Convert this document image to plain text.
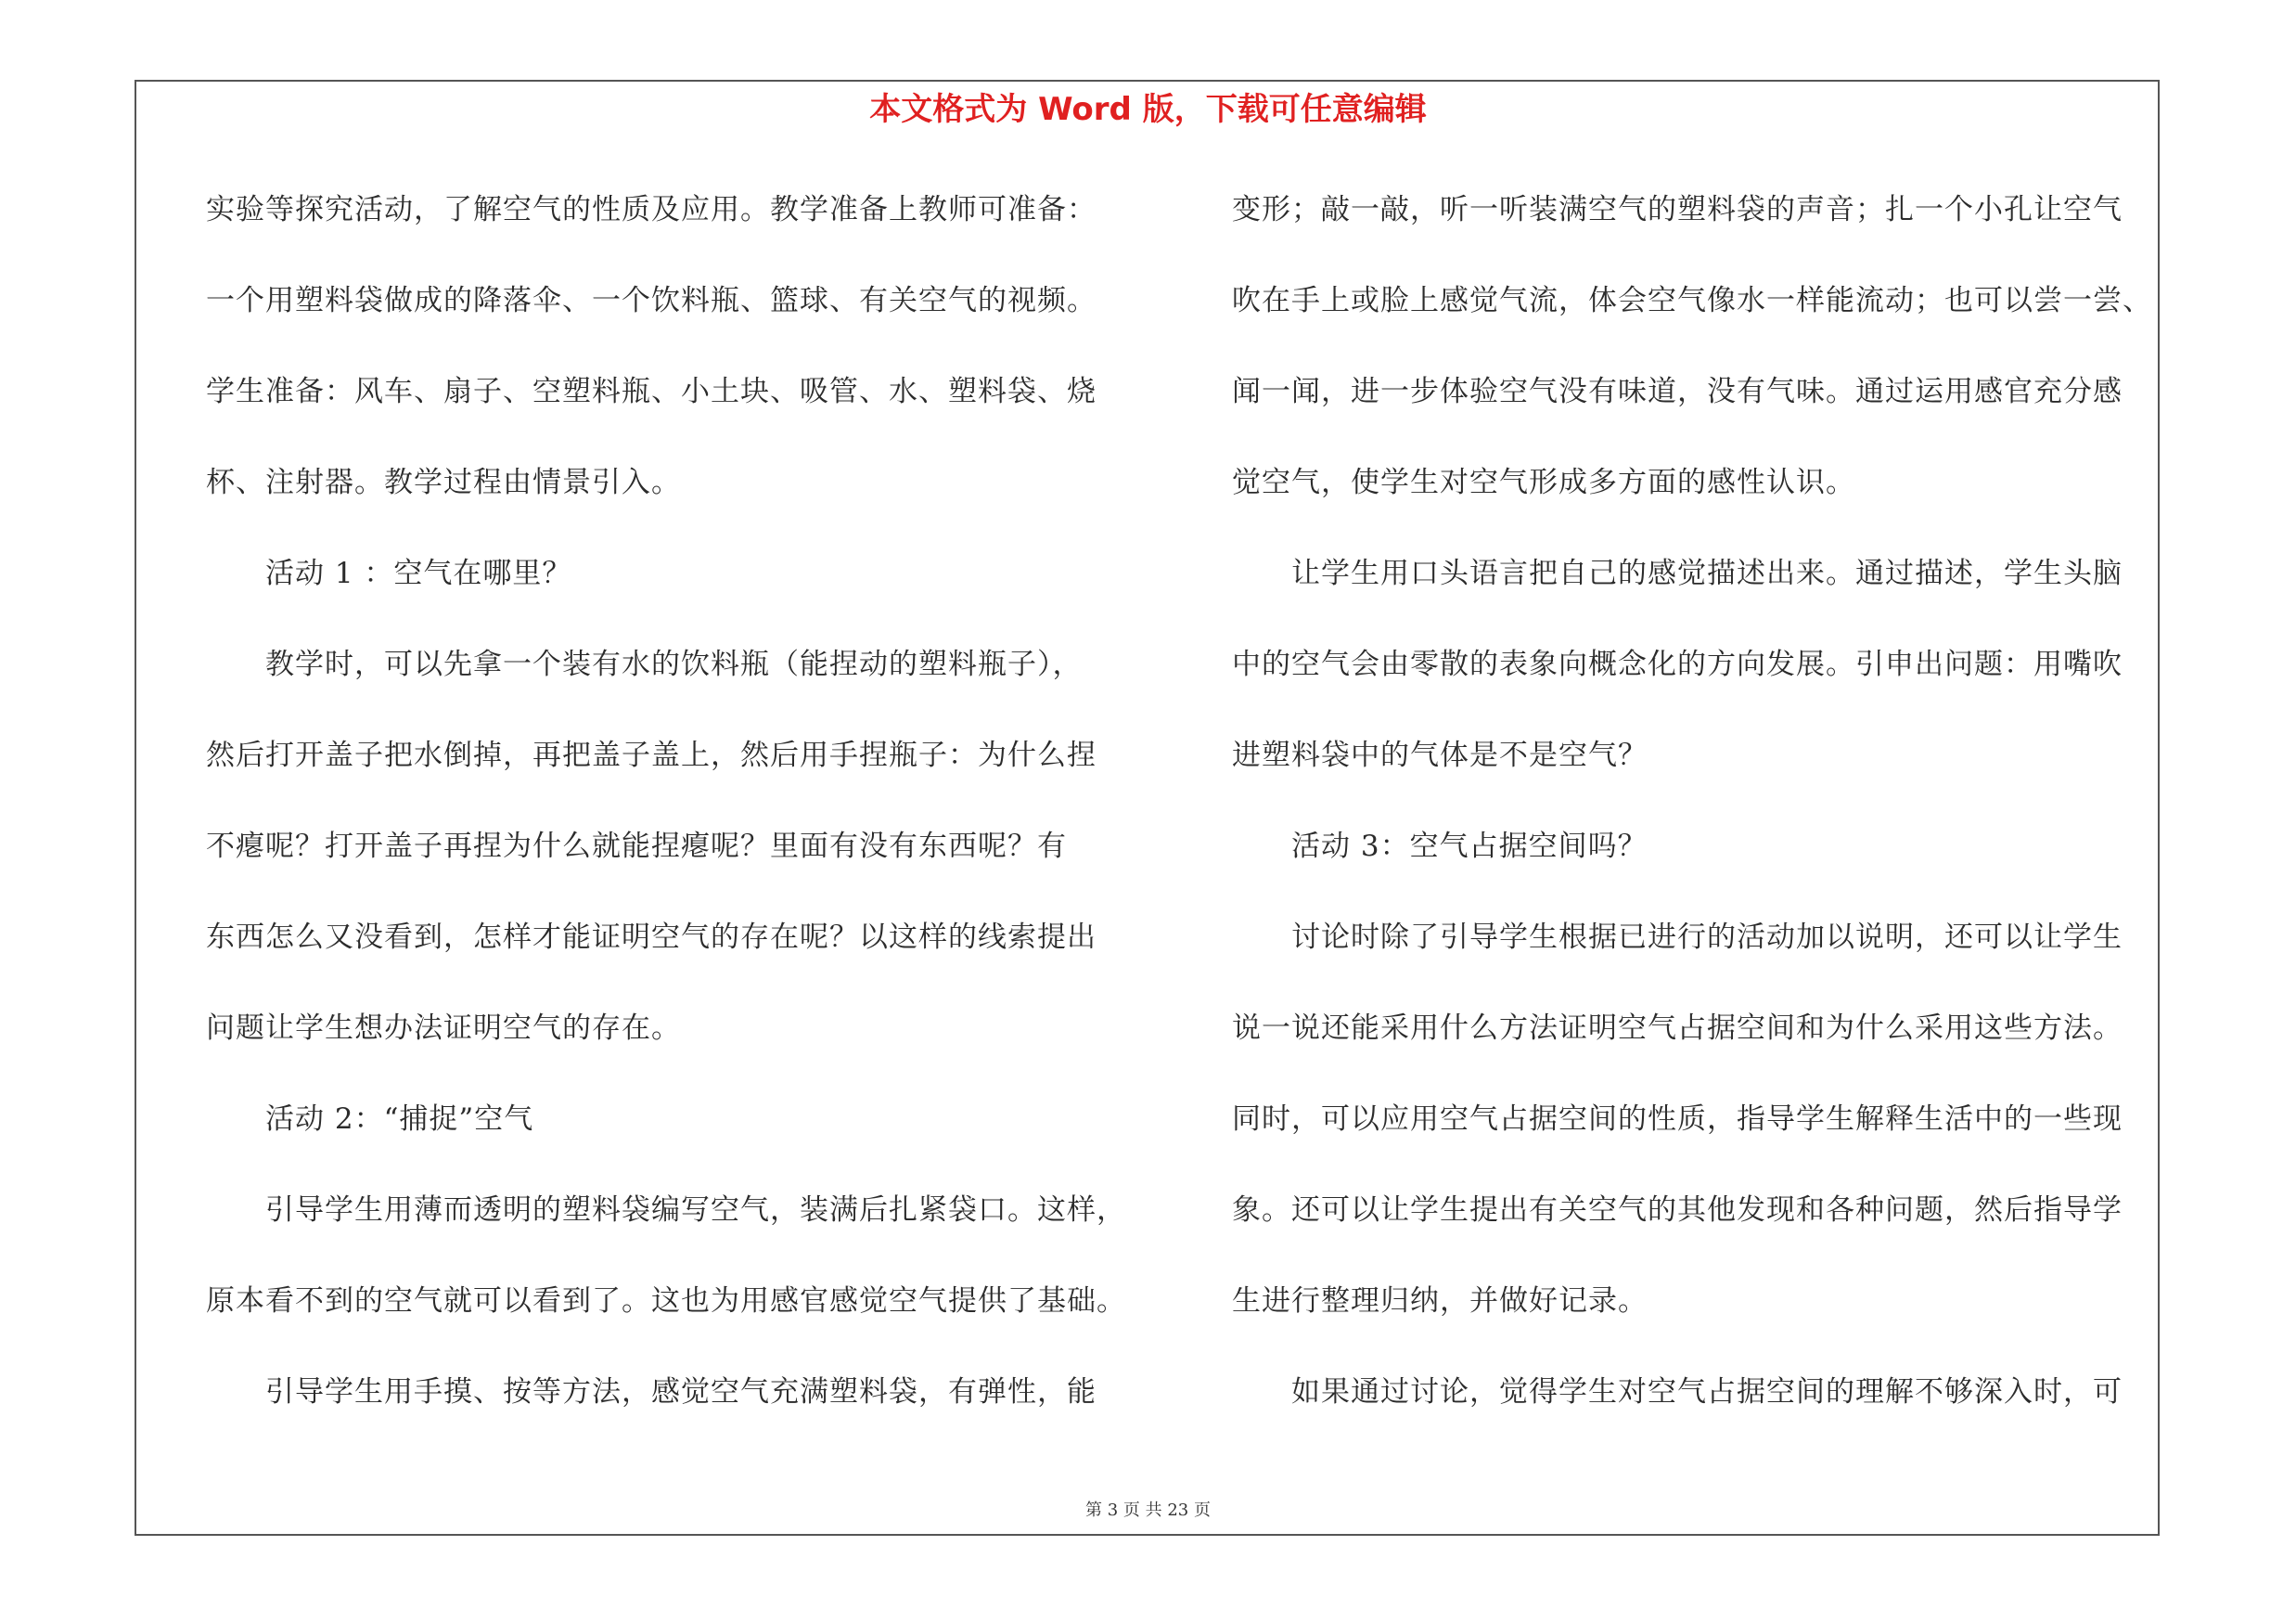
本文格式为 Word 版，下载可任意编辑
实验等探究活动，了解空气的性质及应用。教学准备上教师可准备：
一个用塑料袋做成的降落伞、一个饮料瓶、篮球、有关空气的视频。
学生准备：风车、扇子、空塑料瓶、小土块、吸管、水、塑料袋、烧
杯、注射器。教学过程由情景引入。
　　活动 1 ：空气在哪里？
　　教学时，可以先拿一个装有水的饮料瓶（能捏动的塑料瓶子），
然后打开盖子把水倒掉，再把盖子盖上，然后用手捏瓶子：为什么捏
不瘪呢？打开盖子再捏为什么就能捏瘪呢？里面有没有东西呢？有
东西怎么又没看到，怎样才能证明空气的存在呢？以这样的线索提出
问题让学生想办法证明空气的存在。
　　活动 2：“捕捉”空气
　　引导学生用薄而透明的塑料袋编写空气，装满后扎紧袋口。这样，
原本看不到的空气就可以看到了。这也为用感官感觉空气提供了基础。
　　引导学生用手摸、按等方法，感觉空气充满塑料袋，有弹性，能
变形；敲一敲，听一听装满空气的塑料袋的声音；扎一个小孔让空气
吹在手上或脸上感觉气流，体会空气像水一样能流动；也可以尝一尝、
闻一闻，进一步体验空气没有味道，没有气味。通过运用感官充分感
觉空气，使学生对空气形成多方面的感性认识。
　　让学生用口头语言把自己的感觉描述出来。通过描述，学生头脑
中的空气会由零散的表象向概念化的方向发展。引申出问题：用嘴吹
进塑料袋中的气体是不是空气？
　　活动 3：空气占据空间吗？
　　讨论时除了引导学生根据已进行的活动加以说明，还可以让学生
说一说还能采用什么方法证明空气占据空间和为什么采用这些方法。
同时，可以应用空气占据空间的性质，指导学生解释生活中的一些现
象。还可以让学生提出有关空气的其他发现和各种问题，然后指导学
生进行整理归纳，并做好记录。
　　如果通过讨论，觉得学生对空气占据空间的理解不够深入时，可
第 3 页 共 23 页
